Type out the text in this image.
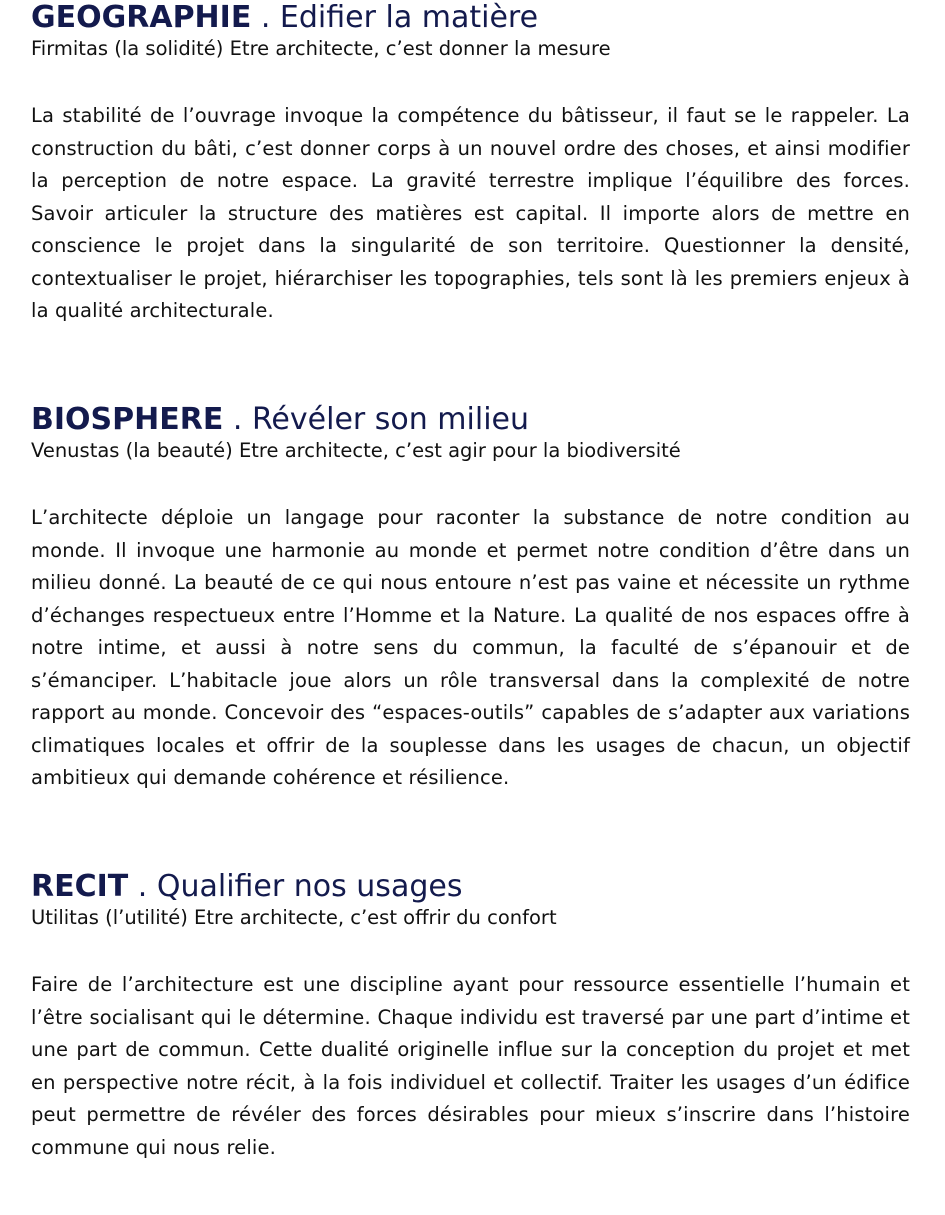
GEOGRAPHIE . Edifier la matière

Firmitas (la solidité) Etre architecte, c’est donner la mesure

La stabilité de l’ouvrage invoque la compétence du bâtisseur, il faut se le rappeler. La construction du bâti, c’est donner corps à un nouvel ordre des choses, et ainsi modifier la perception de notre espace. La gravité terrestre implique l’équilibre des forces. Savoir articuler la structure des matières est capital. Il importe alors de mettre en conscience le projet dans la singularité de son territoire. Questionner la densité, contextualiser le projet, hiérarchiser les topographies, tels sont là les premiers enjeux à la qualité architecturale.

BIOSPHERE . Révéler son milieu

Venustas (la beauté) Etre architecte, c’est agir pour la biodiversité

L’architecte déploie un langage pour raconter la substance de notre condition au monde. Il invoque une harmonie au monde et permet notre condition d’être dans un milieu donné. La beauté de ce qui nous entoure n’est pas vaine et nécessite un rythme d’échanges respectueux entre l’Homme et la Nature. La qualité de nos espaces offre à notre intime, et aussi à notre sens du commun, la faculté de s’épanouir et de s’émanciper. L’habitacle joue alors un rôle transversal dans la complexité de notre rapport au monde. Concevoir des “espaces-outils” capables de s’adapter aux variations climatiques locales et offrir de la souplesse dans les usages de chacun, un objectif ambitieux qui demande cohérence et résilience.

RECIT . Qualifier nos usages

Utilitas (l’utilité) Etre architecte, c’est offrir du confort

Faire de l’architecture est une discipline ayant pour ressource essentielle l’humain et l’être socialisant qui le détermine. Chaque individu est traversé par une part d’intime et une part de commun. Cette dualité originelle influe sur la conception du projet et met en perspective notre récit, à la fois individuel et collectif. Traiter les usages d’un édifice peut permettre de révéler des forces désirables pour mieux s’inscrire dans l’histoire commune qui nous relie.
